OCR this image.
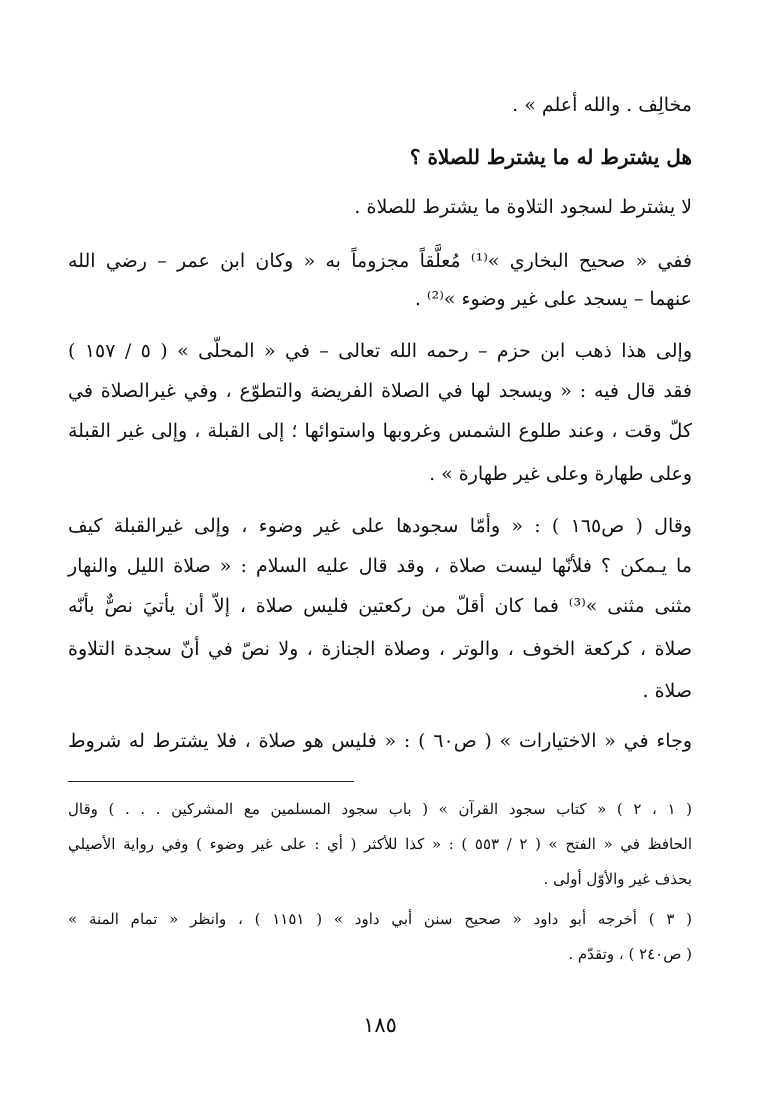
مخالِف . والله أعلم » .
هل يشترط له ما يشترط للصلاة ؟
لا يشترط لسجود التلاوة ما يشترط للصلاة .
ففي « صحيح البخاري »⁽¹⁾ مُعلَّقاً مجزوماً به « وكان ابن عمر – رضي الله
عنهما – يسجد على غير وضوء »⁽²⁾ .
وإلى هذا ذهب ابن حزم – رحمه الله تعالى – في « المحلّى » ( ٥ / ١٥٧ )
فقد قال فيه : « ويسجد لها في الصلاة الفريضة والتطوّع ، وفي غيرالصلاة في
كلّ وقت ، وعند طلوع الشمس وغروبها واستوائها ؛ إلى القبلة ، وإلى غير القبلة
وعلى طهارة وعلى غير طهارة » .
وقال ( ص١٦٥ ) : « وأمّا سجودها على غير وضوء ، وإلى غيرالقبلة كيف
ما يـمكن ؟ فلأنّها ليست صلاة ، وقد قال عليه السلام : « صلاة الليل والنهار
مثنى مثنى »⁽³⁾ فما كان أقلّ من ركعتين فليس صلاة ، إلاّ أن يأتيَ نصٌّ بأنّه
صلاة ، كركعة الخوف ، والوتر ، وصلاة الجنازة ، ولا نصّ في أنّ سجدة التلاوة
صلاة .
وجاء في « الاختيارات » ( ص٦٠ ) : « فليس هو صلاة ، فلا يشترط له شروط
( ١ ، ٢ ) « كتاب سجود القرآن » ( باب سجود المسلمين مع المشركين . . . ) وقال
الحافظ في « الفتح » ( ٢ / ٥٥٣ ) : « كذا للأكثر ( أي : على غير وضوء ) وفي رواية الأصيلي
بحذف غير والأوّل أولى .
( ٣ ) أخرجه أبو داود « صحيح سنن أبي داود » ( ١١٥١ ) ، وانظر « تمام المنة »
( ص٢٤٠ ) ، وتقدّم .
١٨٥
